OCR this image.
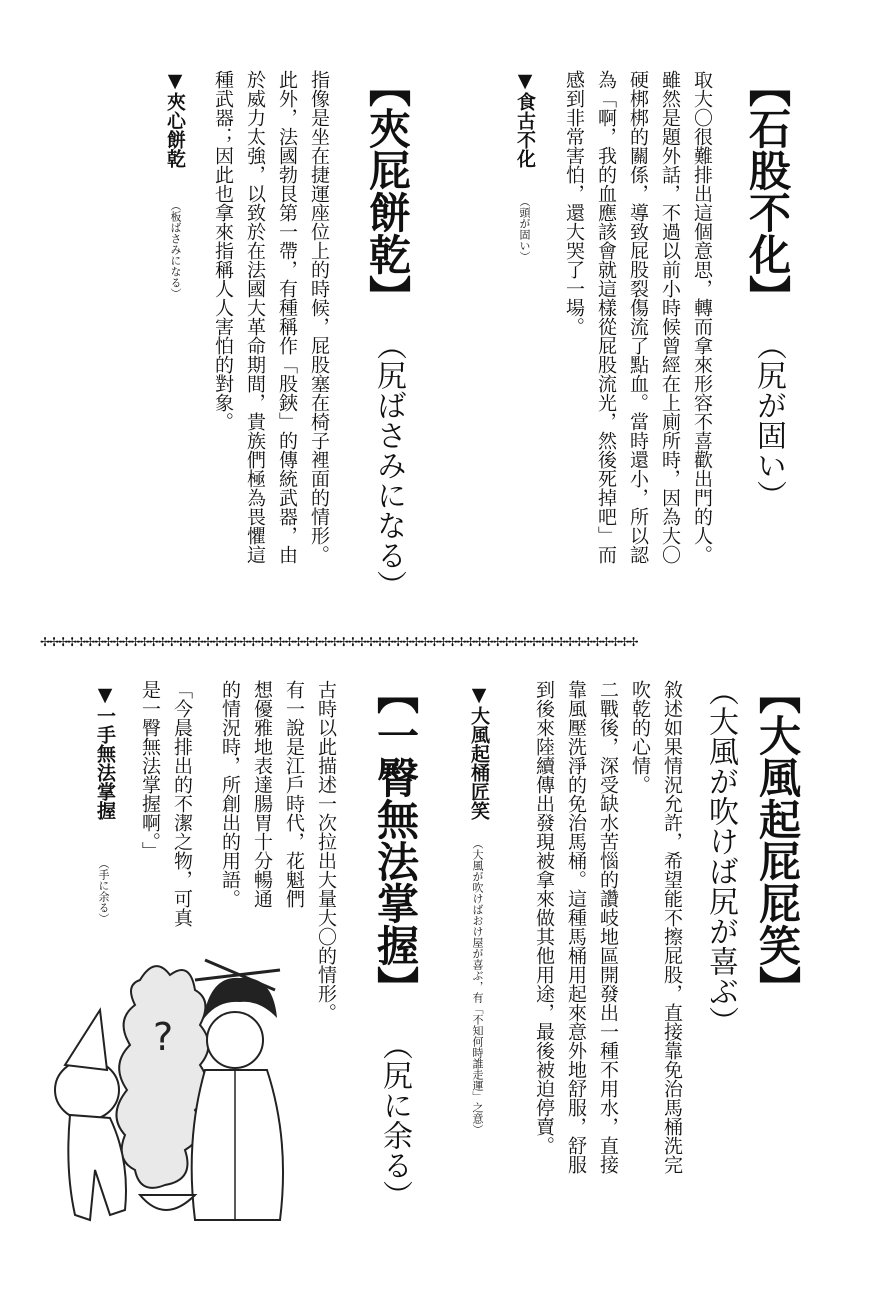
【石股不化】
（尻が固い）
取大〇很難排出這個意思，轉而拿來形容不喜歡出門的人。
雖然是題外話，不過以前小時候曾經在上廁所時，因為大〇
硬梆梆的關係，導致屁股裂傷流了點血。當時還小，所以認
為「啊，我的血應該會就這樣從屁股流光，然後死掉吧」而
感到非常害怕，還大哭了一場。
▼食古不化
（頭が固い）
【夾屁餅乾】
（尻ばさみになる）
指像是坐在捷運座位上的時候，屁股塞在椅子裡面的情形。
此外，法國勃艮第一帶，有種稱作「股鋏」的傳統武器，由
於威力太強，以致於在法國大革命期間，貴族們極為畏懼這
種武器；因此也拿來指稱人人害怕的對象。
▼夾心餅乾
（板ばさみになる）
✢✢✢✢✢✢✢✢✢✢✢✢✢✢✢✢✢✢✢✢✢✢✢✢✢✢✢✢✢✢✢✢✢✢✢✢✢✢✢✢✢✢✢✢✢✢✢✢✢✢✢✢✢✢✢✢✢✢✢✢✢✢✢✢✢✢
【大風起屁屁笑】
（大風が吹けば尻が喜ぶ）
敘述如果情況允許，希望能不擦屁股，直接靠免治馬桶洗完
吹乾的心情。
二戰後，深受缺水苦惱的讚岐地區開發出一種不用水，直接
靠風壓洗淨的免治馬桶。這種馬桶用起來意外地舒服，舒服
到後來陸續傳出發現被拿來做其他用途，最後被迫停賣。
▼大風起桶匠笑
（大風が吹けばおけ屋が喜ぶ，有「不知何時誰走運」之意）
【一臀無法掌握】
（尻に余る）
古時以此描述一次拉出大量大〇的情形。
有一說是江戶時代，花魁們
想優雅地表達腸胃十分暢通
的情況時，所創出的用語。
「今晨排出的不潔之物，可真
是一臀無法掌握啊。」
▼一手無法掌握
（手に余る）
?
